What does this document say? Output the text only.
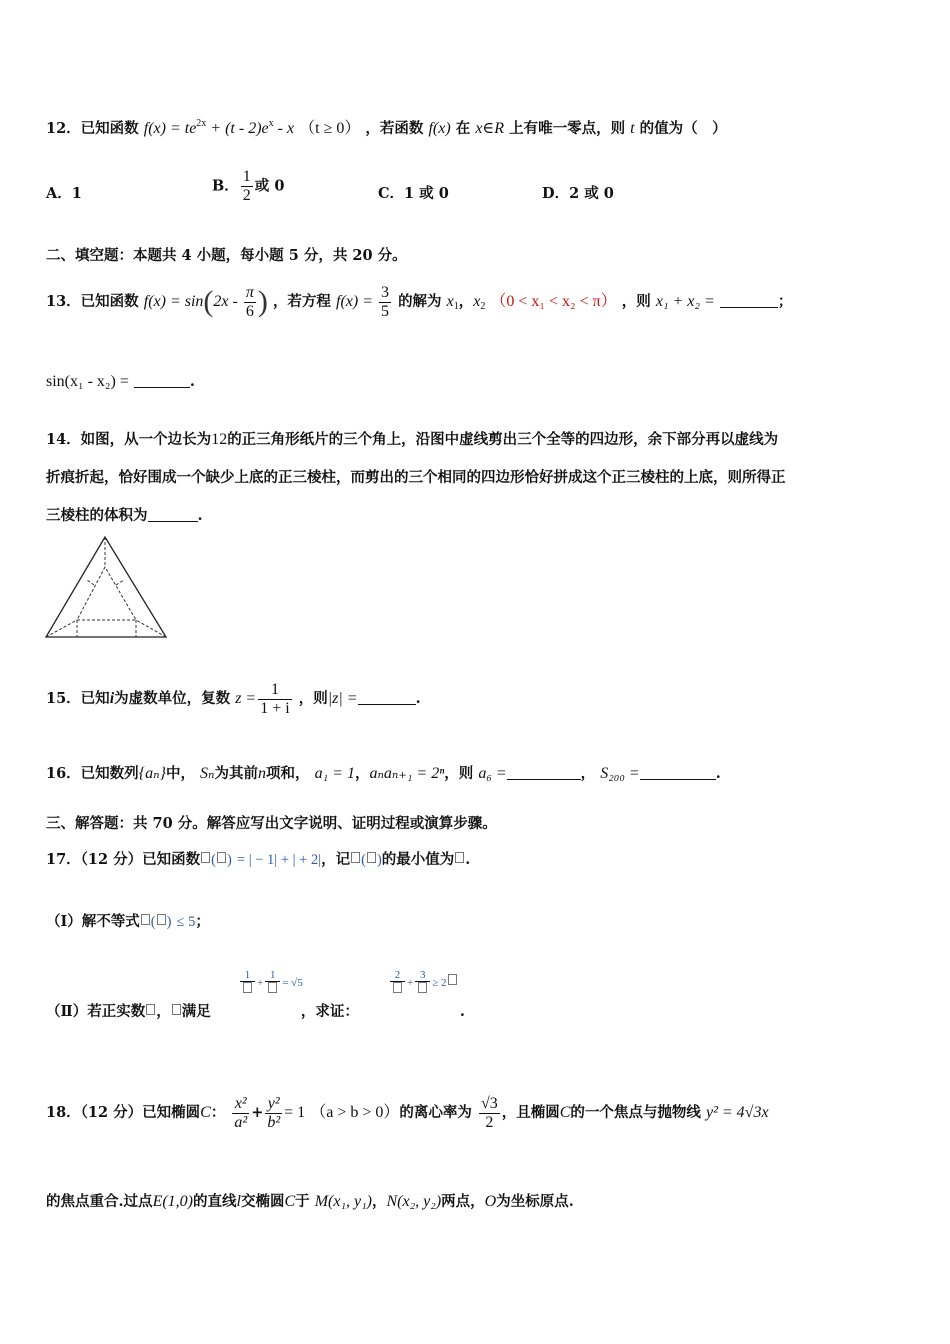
12．已知函数 $f(x) = te^{2x} + (t - 2)e^x - x$ （t ≥ 0） ，若函数 f(x) 在 x∈R 上有唯一零点，则 t 的值为（　）
A．1	B． $\frac{1}{2}$ 或 0	C．1 或 0	D．2 或 0
二、填空题：本题共 4 小题，每小题 5 分，共 20 分。
13．已知函数 $f(x) = \sin(2x - \frac{\pi}{6}$ ) ，若方程 $f(x) = \frac{3}{5}$ 的解为 $x_1$，$x_2$ （0 < x₁ < x₂ < π） ，则 x₁ + x₂ =	；
sin(x₁ - x₂) =	.
14．如图，从一个边长为12的正三角形纸片的三个角上，沿图中虚线剪出三个全等的四边形，余下部分再以虚线为
折痕折起，恰好围成一个缺少上底的正三棱柱，而剪出的三个相同的四边形恰好拼成这个正三棱柱的上底，则所得正
三棱柱的体积为	.
15．已知i为虚数单位，复数 $z = \frac{1}{1 + i}$ ，则|z| =	.
16．已知数列{aₙ}中， Sₙ为其前n项和， a₁ = 1，aₙaₙ₊₁ = 2ⁿ，则 a₆ =	， S₂₀₀ =	.
三、解答题：共 70 分。解答应写出文字说明、证明过程或演算步骤。
17．（12 分）已知函数 ( ) = | − 1| + | + 2|，记 ( )的最小值为 .
（Ⅰ）解不等式 ( ) ≤ 5；
（Ⅱ）若正实数 ， 满足	，求证：	.
1
+
1
= √5
2
+
3
≥ 2
18．（12 分）已知椭圆C： $\frac{\text{x²}}{\text{a²}} + \frac{\text{y²}}{\text{b²}} = 1$ （a > b > 0）的离心率为 $\frac{√3}{2}$ ，且椭圆C的一个焦点与抛物线 y² = 4√3x
的焦点重合.过点E(1,0)的直线l交椭圆C于 M(x₁, y₁)，N(x₂, y₂)两点，O为坐标原点.
